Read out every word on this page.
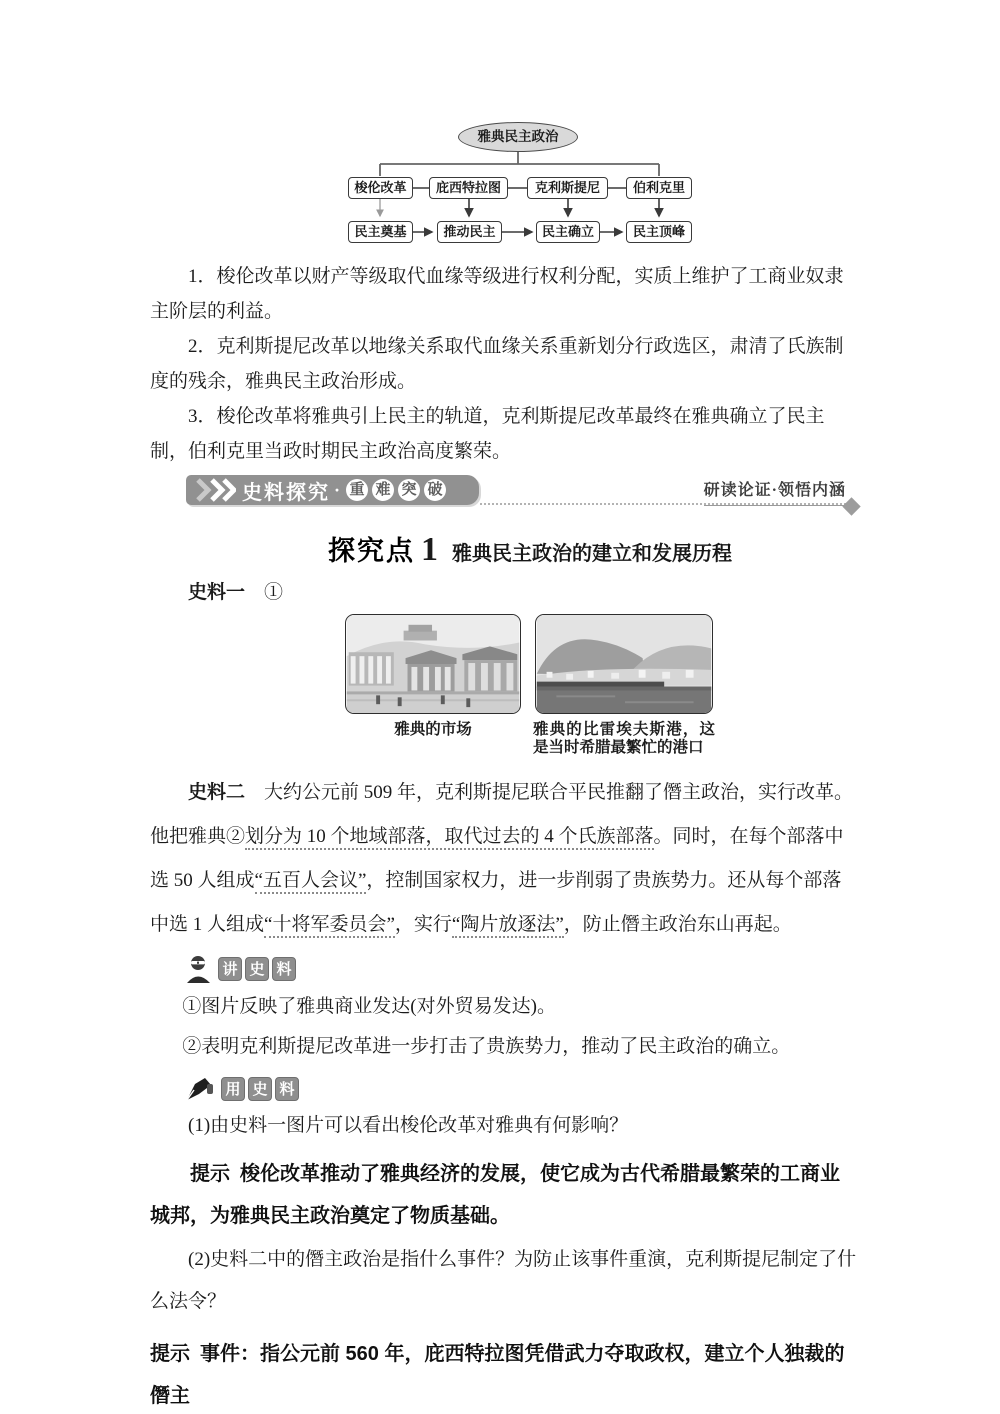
雅典民主政治
梭伦改革	庇西特拉图	克利斯提尼	伯利克里
民主奠基	推动民主	民主确立	民主顶峰

1．梭伦改革以财产等级取代血缘等级进行权利分配，实质上维护了工商业奴隶主阶层的利益。

2．克利斯提尼改革以地缘关系取代血缘关系重新划分行政选区，肃清了氏族制度的残余，雅典民主政治形成。

3．梭伦改革将雅典引上民主的轨道，克利斯提尼改革最终在雅典确立了民主制，伯利克里当政时期民主政治高度繁荣。

史料探究 · 重 难 突 破	研读论证·领悟内涵
探究点 1 雅典民主政治的建立和发展历程

史料一　①

雅典的市场	雅典的比雷埃夫斯港，这是当时希腊最繁忙的港口

史料二　大约公元前 509 年，克利斯提尼联合平民推翻了僭主政治，实行改革。他把雅典②划分为 10 个地域部落，取代过去的 4 个氏族部落。同时，在每个部落中选 50 人组成“五百人会议”，控制国家权力，进一步削弱了贵族势力。还从每个部落中选 1 人组成“十将军委员会”，实行“陶片放逐法”，防止僭主政治东山再起。

讲 史 料

①图片反映了雅典商业发达(对外贸易发达)。

②表明克利斯提尼改革进一步打击了贵族势力，推动了民主政治的确立。

用 史 料

(1)由史料一图片可以看出梭伦改革对雅典有何影响？

提示 梭伦改革推动了雅典经济的发展，使它成为古代希腊最繁荣的工商业城邦，为雅典民主政治奠定了物质基础。

(2)史料二中的僭主政治是指什么事件？为防止该事件重演，克利斯提尼制定了什么法令？

提示 事件：指公元前 560 年，庇西特拉图凭借武力夺取政权，建立个人独裁的僭主
